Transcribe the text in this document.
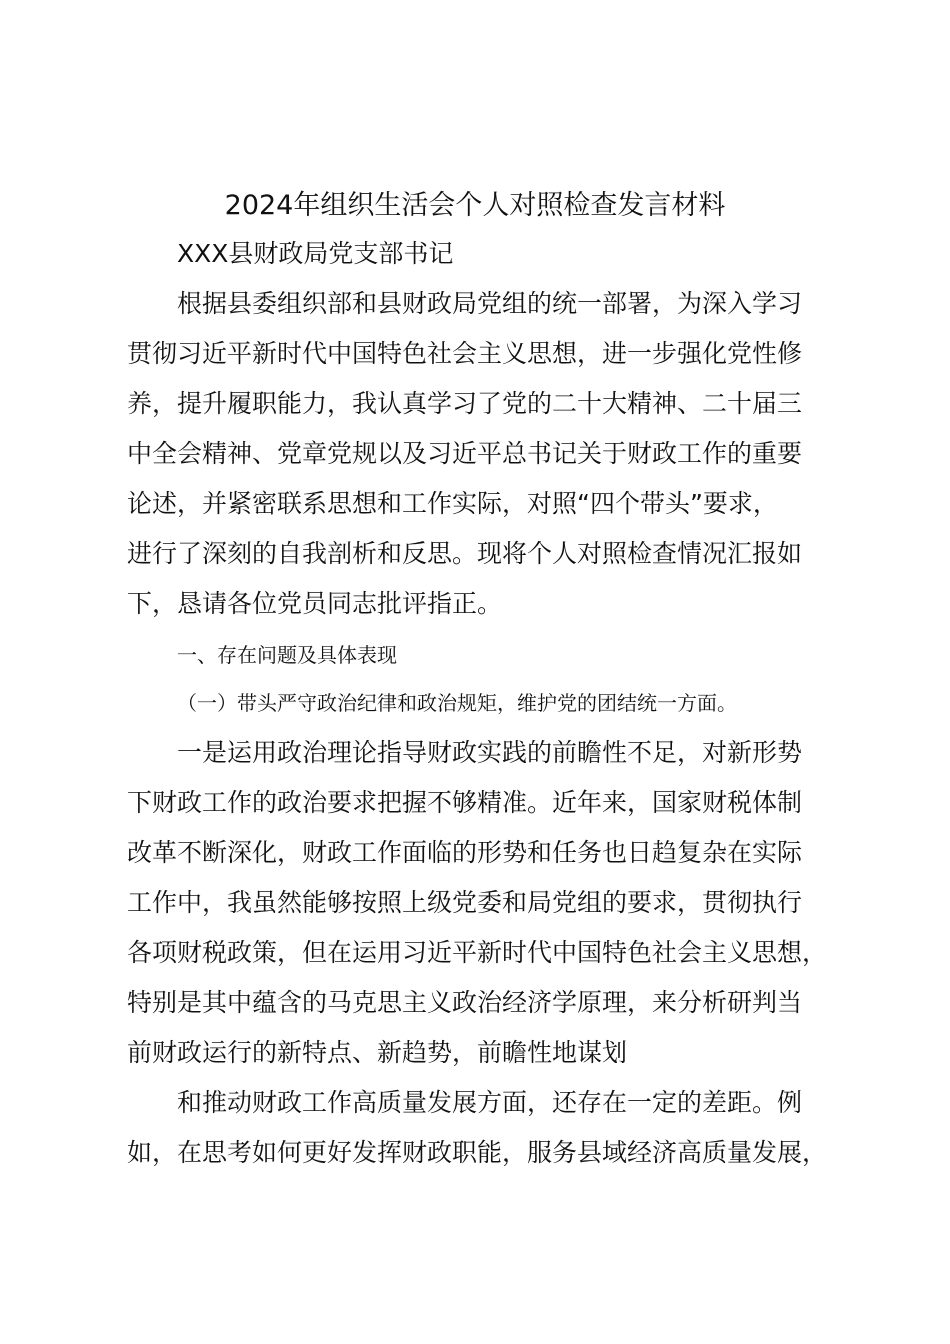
2024年组织生活会个人对照检查发言材料
XXX县财政局党支部书记
根据县委组织部和县财政局党组的统一部署，为深入学习
贯彻习近平新时代中国特色社会主义思想，进一步强化党性修
养，提升履职能力，我认真学习了党的二十大精神、二十届三
中全会精神、党章党规以及习近平总书记关于财政工作的重要
论述，并紧密联系思想和工作实际，对照“四个带头”要求，
进行了深刻的自我剖析和反思。现将个人对照检查情况汇报如
下，恳请各位党员同志批评指正。
一、存在问题及具体表现
（一）带头严守政治纪律和政治规矩，维护党的团结统一方面。
一是运用政治理论指导财政实践的前瞻性不足，对新形势
下财政工作的政治要求把握不够精准。近年来，国家财税体制
改革不断深化，财政工作面临的形势和任务也日趋复杂在实际
工作中，我虽然能够按照上级党委和局党组的要求，贯彻执行
各项财税政策，但在运用习近平新时代中国特色社会主义思想，
特别是其中蕴含的马克思主义政治经济学原理，来分析研判当
前财政运行的新特点、新趋势，前瞻性地谋划
和推动财政工作高质量发展方面，还存在一定的差距。例
如，在思考如何更好发挥财政职能，服务县域经济高质量发展，
